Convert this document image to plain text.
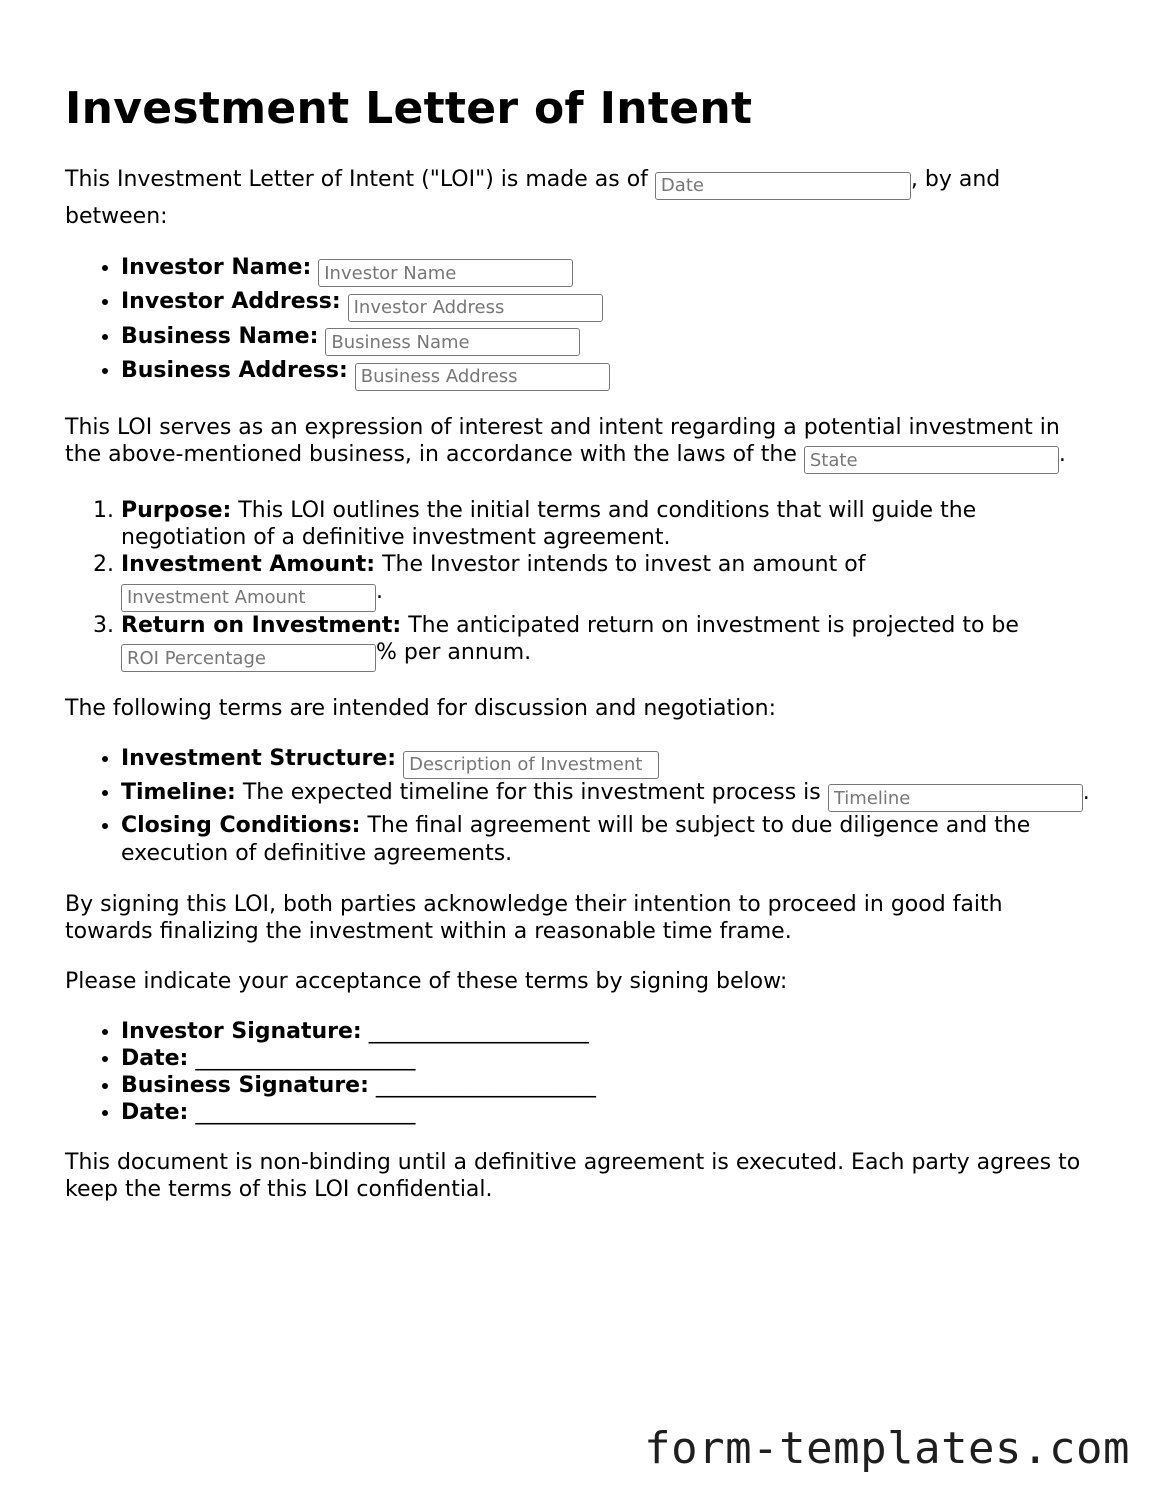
Investment Letter of Intent

This Investment Letter of Intent ("LOI") is made as of Date	, by and
between:

• Investor Name: Investor Name
• Investor Address: Investor Address
• Business Name: Business Name
• Business Address: Business Address

This LOI serves as an expression of interest and intent regarding a potential investment in the above-mentioned business, in accordance with the laws of the State	.

1. Purpose: This LOI outlines the initial terms and conditions that will guide the negotiation of a definitive investment agreement.
2. Investment Amount: The Investor intends to invest an amount of Investment Amount.
3. Return on Investment: The anticipated return on investment is projected to be ROI Percentage% per annum.

The following terms are intended for discussion and negotiation:

• Investment Structure: Description of Investment
• Timeline: The expected timeline for this investment process is Timeline	.
• Closing Conditions: The final agreement will be subject to due diligence and the execution of definitive agreements.

By signing this LOI, both parties acknowledge their intention to proceed in good faith towards finalizing the investment within a reasonable time frame.

Please indicate your acceptance of these terms by signing below:

• Investor Signature: ____________________
• Date: ____________________
• Business Signature: ____________________
• Date: ____________________

This document is non-binding until a definitive agreement is executed. Each party agrees to keep the terms of this LOI confidential.

form-templates.com
